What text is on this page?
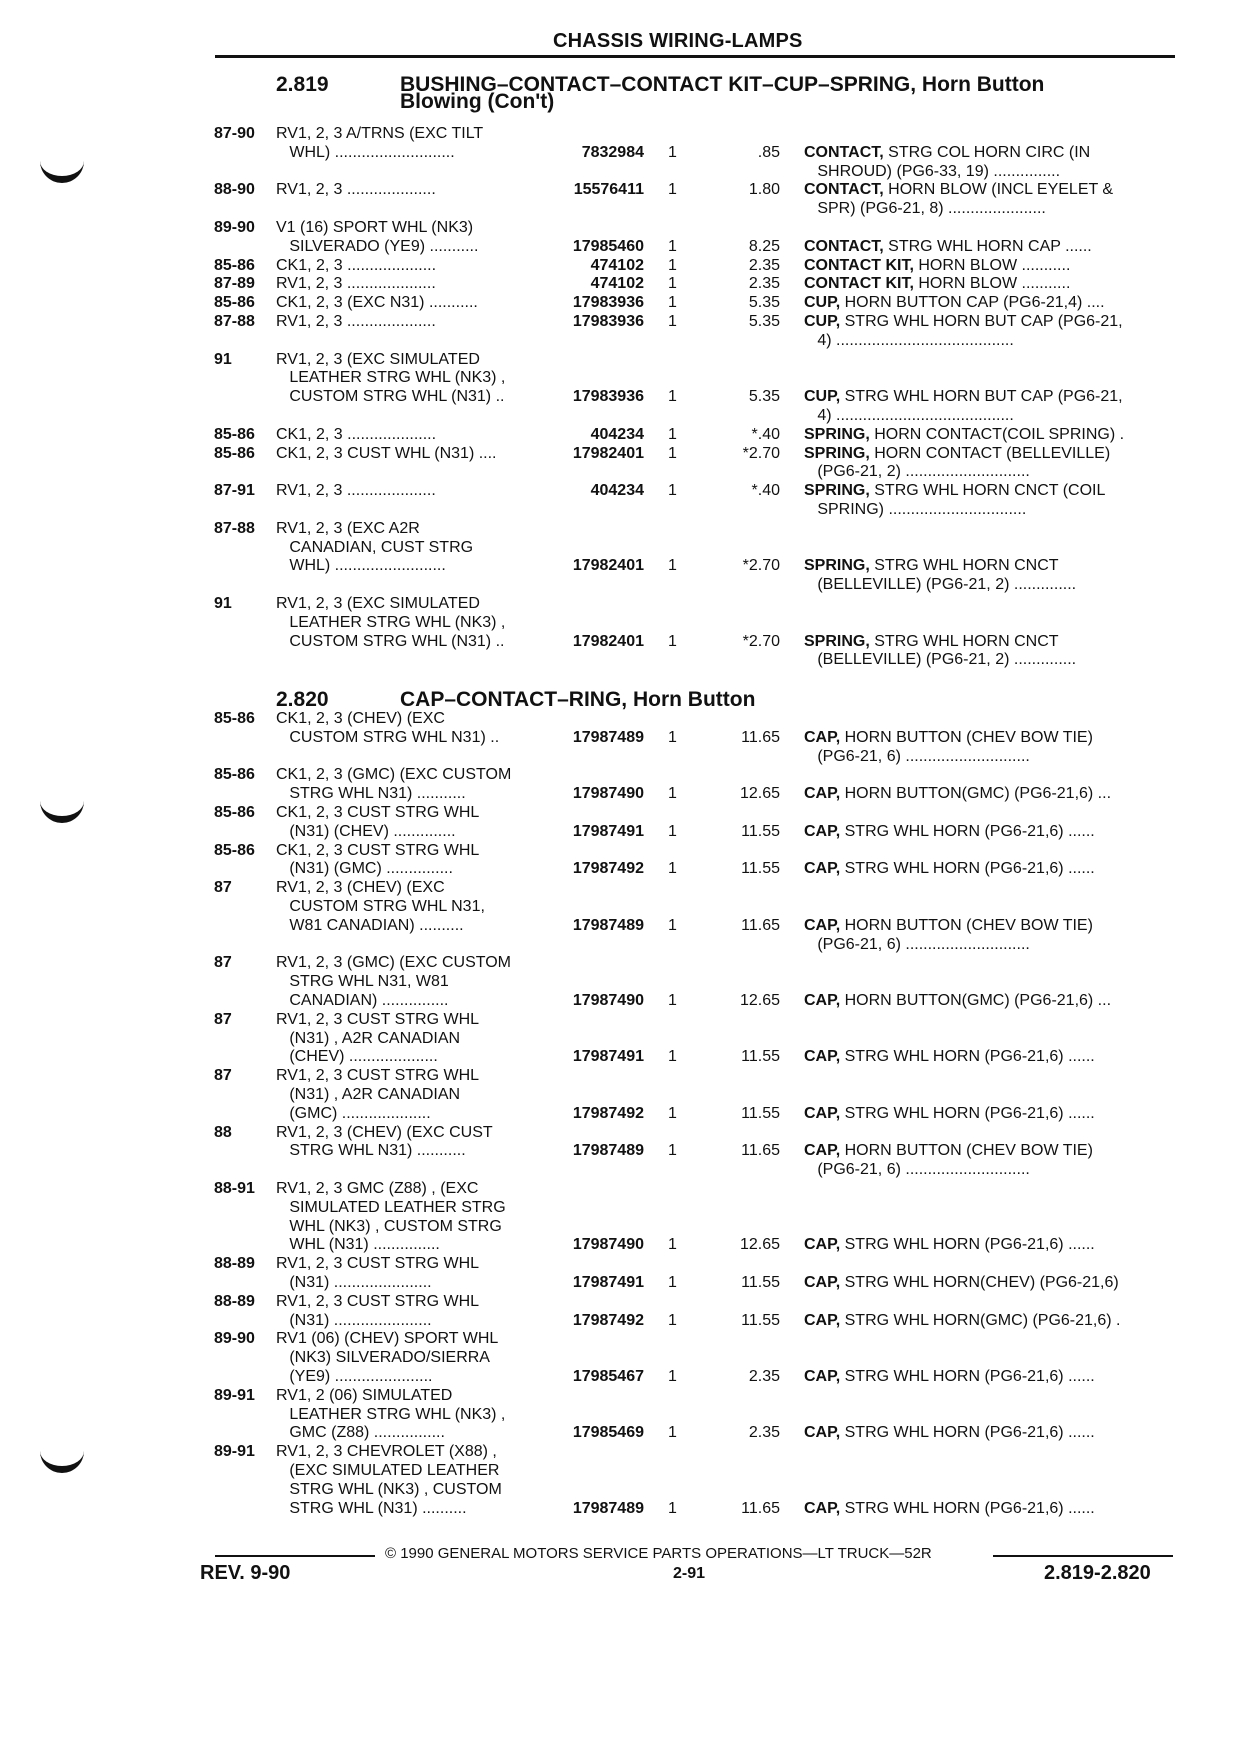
CHASSIS WIRING-LAMPS
2.819	BUSHING–CONTACT–CONTACT KIT–CUP–SPRING, Horn Button
Blowing (Con't)
87-90 RV1, 2, 3 A/TRNS (EXC TILT
WHL) ...........................	7832984 1	.85 CONTACT, STRG COL HORN CIRC (IN
SHROUD) (PG6-33, 19) ...............
88-90 RV1, 2, 3 ....................	15576411 1	1.80 CONTACT, HORN BLOW (INCL EYELET &
SPR) (PG6-21, 8) ......................
89-90 V1 (16) SPORT WHL (NK3)
SILVERADO (YE9) ...........	17985460 1	8.25 CONTACT, STRG WHL HORN CAP ......
85-86 CK1, 2, 3 ....................	474102 1	2.35 CONTACT KIT, HORN BLOW ...........
87-89 RV1, 2, 3 ....................	474102 1	2.35 CONTACT KIT, HORN BLOW ...........
85-86 CK1, 2, 3 (EXC N31) ...........	17983936 1	5.35 CUP, HORN BUTTON CAP (PG6-21,4) ....
87-88 RV1, 2, 3 ....................	17983936 1	5.35 CUP, STRG WHL HORN BUT CAP (PG6-21,
4) ........................................
91	RV1, 2, 3 (EXC SIMULATED
LEATHER STRG WHL (NK3) ,
CUSTOM STRG WHL (N31) ..	17983936 1	5.35 CUP, STRG WHL HORN BUT CAP (PG6-21,
4) ........................................
85-86 CK1, 2, 3 ....................	404234 1	*.40 SPRING, HORN CONTACT(COIL SPRING) .
85-86 CK1, 2, 3 CUST WHL (N31) ....	17982401 1	*2.70 SPRING, HORN CONTACT (BELLEVILLE)
(PG6-21, 2) ............................
87-91 RV1, 2, 3 ....................	404234 1	*.40 SPRING, STRG WHL HORN CNCT (COIL
SPRING) ...............................
87-88 RV1, 2, 3 (EXC A2R
CANADIAN, CUST STRG
WHL) .........................	17982401 1	*2.70 SPRING, STRG WHL HORN CNCT
(BELLEVILLE) (PG6-21, 2) ..............
91	RV1, 2, 3 (EXC SIMULATED
LEATHER STRG WHL (NK3) ,
CUSTOM STRG WHL (N31) ..	17982401 1	*2.70 SPRING, STRG WHL HORN CNCT
(BELLEVILLE) (PG6-21, 2) ..............
2.820	CAP–CONTACT–RING, Horn Button
85-86 CK1, 2, 3 (CHEV) (EXC
CUSTOM STRG WHL N31) ..	17987489 1	11.65 CAP, HORN BUTTON (CHEV BOW TIE)
(PG6-21, 6) ............................
85-86 CK1, 2, 3 (GMC) (EXC CUSTOM
STRG WHL N31) ...........	17987490 1	12.65 CAP, HORN BUTTON(GMC) (PG6-21,6) ...
85-86 CK1, 2, 3 CUST STRG WHL
(N31) (CHEV) ..............	17987491 1	11.55 CAP, STRG WHL HORN (PG6-21,6) ......
85-86 CK1, 2, 3 CUST STRG WHL
(N31) (GMC) ...............	17987492 1	11.55 CAP, STRG WHL HORN (PG6-21,6) ......
87	RV1, 2, 3 (CHEV) (EXC
CUSTOM STRG WHL N31,
W81 CANADIAN) ..........	17987489 1	11.65 CAP, HORN BUTTON (CHEV BOW TIE)
(PG6-21, 6) ............................
87	RV1, 2, 3 (GMC) (EXC CUSTOM
STRG WHL N31, W81
CANADIAN) ...............	17987490 1	12.65 CAP, HORN BUTTON(GMC) (PG6-21,6) ...
87	RV1, 2, 3 CUST STRG WHL
(N31) , A2R CANADIAN
(CHEV) ....................	17987491 1	11.55 CAP, STRG WHL HORN (PG6-21,6) ......
87	RV1, 2, 3 CUST STRG WHL
(N31) , A2R CANADIAN
(GMC) ....................	17987492 1	11.55 CAP, STRG WHL HORN (PG6-21,6) ......
88	RV1, 2, 3 (CHEV) (EXC CUST
STRG WHL N31) ...........	17987489 1	11.65 CAP, HORN BUTTON (CHEV BOW TIE)
(PG6-21, 6) ............................
88-91 RV1, 2, 3 GMC (Z88) , (EXC
SIMULATED LEATHER STRG
WHL (NK3) , CUSTOM STRG
WHL (N31) ...............	17987490 1	12.65 CAP, STRG WHL HORN (PG6-21,6) ......
88-89 RV1, 2, 3 CUST STRG WHL
(N31) ......................	17987491 1	11.55 CAP, STRG WHL HORN(CHEV) (PG6-21,6)
88-89 RV1, 2, 3 CUST STRG WHL
(N31) ......................	17987492 1	11.55 CAP, STRG WHL HORN(GMC) (PG6-21,6) .
89-90 RV1 (06) (CHEV) SPORT WHL
(NK3) SILVERADO/SIERRA
(YE9) ......................	17985467 1	2.35 CAP, STRG WHL HORN (PG6-21,6) ......
89-91 RV1, 2 (06) SIMULATED
LEATHER STRG WHL (NK3) ,
GMC (Z88) ................	17985469 1	2.35 CAP, STRG WHL HORN (PG6-21,6) ......
89-91 RV1, 2, 3 CHEVROLET (X88) ,
(EXC SIMULATED LEATHER
STRG WHL (NK3) , CUSTOM
STRG WHL (N31) ..........	17987489 1	11.65 CAP, STRG WHL HORN (PG6-21,6) ......
© 1990 GENERAL MOTORS SERVICE PARTS OPERATIONS—LT TRUCK—52R
REV. 9-90	2-91	2.819-2.820
